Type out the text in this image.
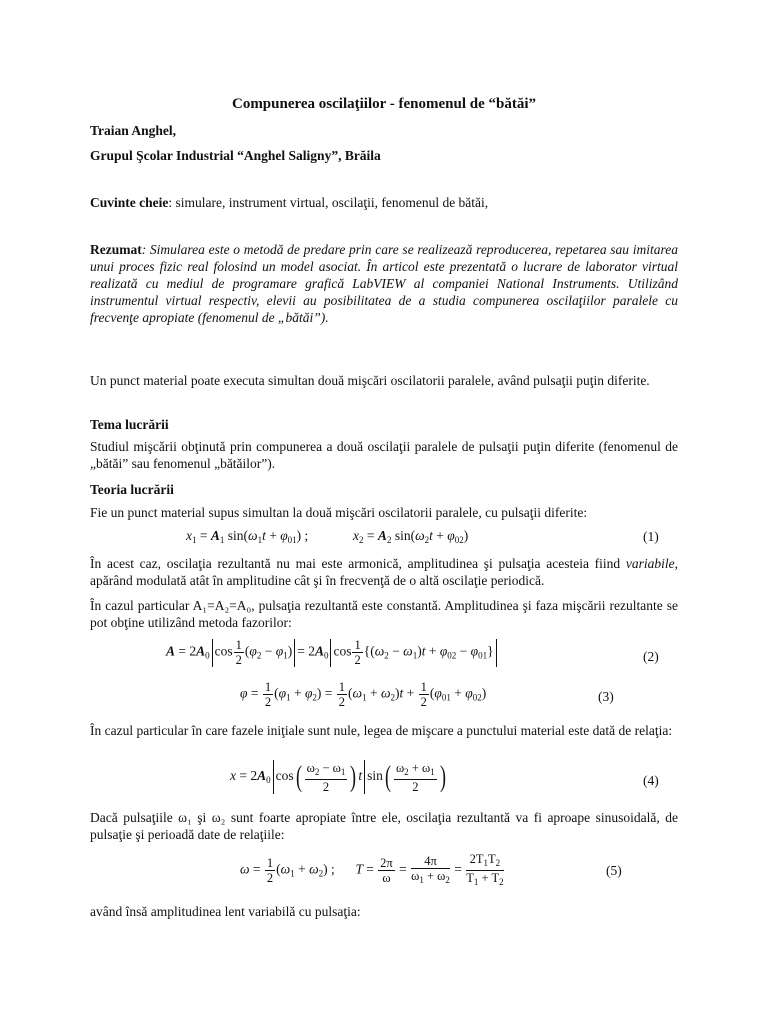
Compunerea oscilaţiilor - fenomenul de “bătăi”
Traian Anghel,
Grupul Şcolar Industrial “Anghel Saligny”, Brăila
Cuvinte cheie: simulare, instrument virtual, oscilaţii, fenomenul de bătăi,
Rezumat: Simularea este o metodă de predare prin care se realizează reproducerea, repetarea sau imitarea unui proces fizic real folosind un model asociat. În articol este prezentată o lucrare de laborator virtual realizată cu mediul de programare grafică LabVIEW al companiei National Instruments. Utilizând instrumentul virtual respectiv, elevii au posibilitatea de a studia compunerea oscilaţiilor paralele cu frecvenţe apropiate (fenomenul de „bătăi”).
Un punct material poate executa simultan două mişcări oscilatorii paralele, având pulsaţii puţin diferite.
Tema lucrării
Studiul mişcării obţinută prin compunerea a două oscilaţii paralele de pulsaţii puţin diferite (fenomenul de „bătăi” sau fenomenul „bătăilor”).
Teoria lucrării
Fie un punct material supus simultan la două mişcări oscilatorii paralele, cu pulsaţii diferite:
$x_1 = A_1$ $\sin(\omega_1t + \varphi_{01})$ ;	$x_2 = A_2$ $\sin(\omega_2t + \varphi_{02})$	(1)
În acest caz, oscilaţia rezultantă nu mai este armonică, amplitudinea şi pulsaţia acesteia fiind variabile, apărând modulată atât în amplitudine cât şi în frecvenţă de o altă oscilaţie periodică.
În cazul particular A₁=A₂=A₀, pulsaţia rezultantă este constantă. Amplitudinea şi faza mişcării rezultante se pot obţine utilizând metoda fazorilor:
$A = 2A_0$ $\cos \frac{1}{2} (\varphi_2 - \varphi_1) = 2A_0$ $\cos \frac{1}{2} \{(\omega_2 - \omega_1)t + \varphi_{02} - \varphi_{01}\}$	(2)
$\varphi = \frac{1}{2} (\varphi_1 + \varphi_2) = \frac{1}{2} (\omega_1 + \omega_2)t + \frac{1}{2} (\varphi_{01} + \varphi_{02})$	(3)
În cazul particular în care fazele iniţiale sunt nule, legea de mişcare a punctului material este dată de relaţia:
$x = 2A_0$ $\cos( \frac{\omega_2 - \omega_1}{2}$ ) t $\sin( \frac{\omega_2 + \omega_1}{2}$ )	(4)
Dacă pulsaţiile ω₁ şi ω₂ sunt foarte apropiate între ele, oscilaţia rezultantă va fi aproape sinusoidală, de pulsaţie şi perioadă date de relaţiile:
$\omega = \frac{1}{2} (\omega_1 + \omega_2)$ ;  $T = \frac{2\pi}{\omega} = \frac{4\pi}{\omega_1 + \omega_2} = \frac{2T_1T_2}{T_1 + T_2}$	(5)
având însă amplitudinea lent variabilă cu pulsaţia:
